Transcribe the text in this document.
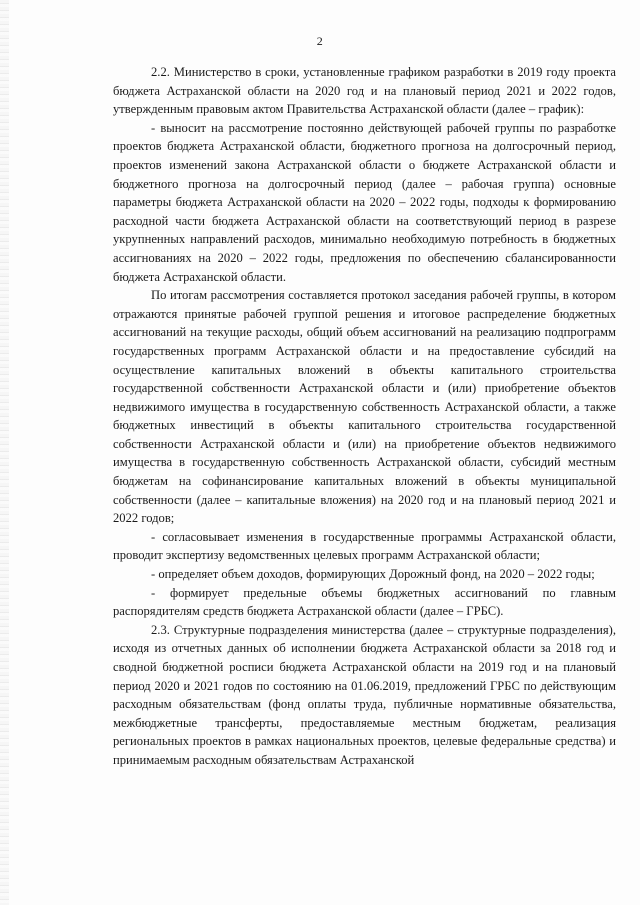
2

2.2. Министерство в сроки, установленные графиком разработки в 2019 году проекта бюджета Астраханской области на 2020 год и на плановый период 2021 и 2022 годов, утвержденным правовым актом Правительства Астраханской области (далее – график):

- выносит на рассмотрение постоянно действующей рабочей группы по разработке проектов бюджета Астраханской области, бюджетного прогноза на долгосрочный период, проектов изменений закона Астраханской области о бюджете Астраханской области и бюджетного прогноза на долгосрочный период (далее – рабочая группа) основные параметры бюджета Астраханской области на 2020 – 2022 годы, подходы к формированию расходной части бюджета Астраханской области на соответствующий период в разрезе укрупненных направлений расходов, минимально необходимую потребность в бюджетных ассигнованиях на 2020 – 2022 годы, предложения по обеспечению сбалансированности бюджета Астраханской области.

По итогам рассмотрения составляется протокол заседания рабочей группы, в котором отражаются принятые рабочей группой решения и итоговое распределение бюджетных ассигнований на текущие расходы, общий объем ассигнований на реализацию подпрограмм государственных программ Астраханской области и на предоставление субсидий на осуществление капитальных вложений в объекты капитального строительства государственной собственности Астраханской области и (или) приобретение объектов недвижимого имущества в государственную собственность Астраханской области, а также бюджетных инвестиций в объекты капитального строительства государственной собственности Астраханской области и (или) на приобретение объектов недвижимого имущества в государственную собственность Астраханской области, субсидий местным бюджетам на софинансирование капитальных вложений в объекты муниципальной собственности (далее – капитальные вложения) на 2020 год и на плановый период 2021 и 2022 годов;

- согласовывает изменения в государственные программы Астраханской области, проводит экспертизу ведомственных целевых программ Астраханской области;

- определяет объем доходов, формирующих Дорожный фонд, на 2020 – 2022 годы;

- формирует предельные объемы бюджетных ассигнований по главным распорядителям средств бюджета Астраханской области (далее – ГРБС).

2.3. Структурные подразделения министерства (далее – структурные подразделения), исходя из отчетных данных об исполнении бюджета Астраханской области за 2018 год и сводной бюджетной росписи бюджета Астраханской области на 2019 год и на плановый период 2020 и 2021 годов по состоянию на 01.06.2019, предложений ГРБС по действующим расходным обязательствам (фонд оплаты труда, публичные нормативные обязательства, межбюджетные трансферты, предоставляемые местным бюджетам, реализация региональных проектов в рамках национальных проектов, целевые федеральные средства) и принимаемым расходным обязательствам Астраханской
